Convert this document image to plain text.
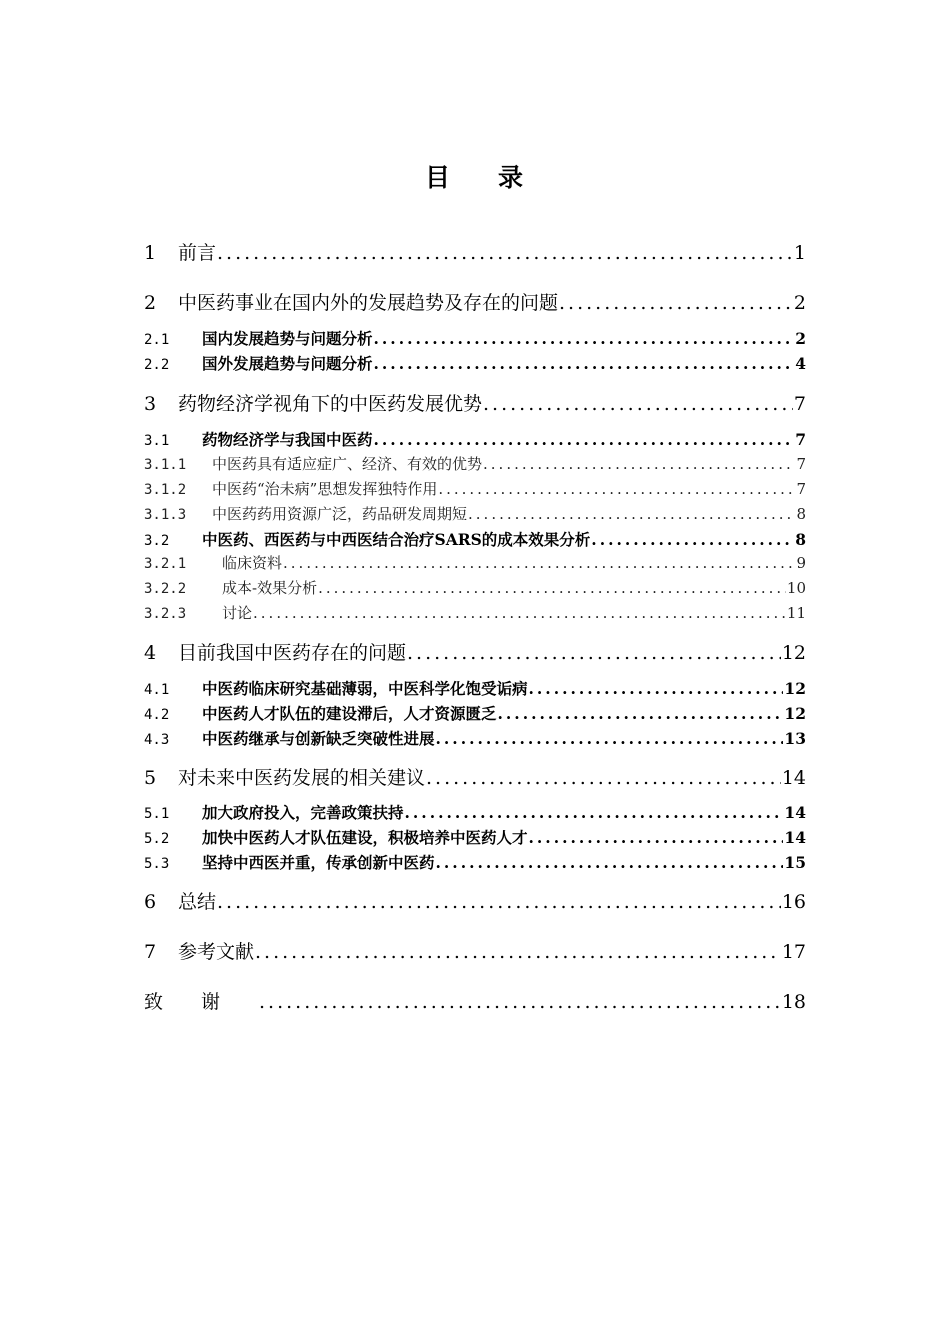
目 录
1	前言 .....	1
2	中医药事业在国内外的发展趋势及存在的问题 .....	2
2.1	国内发展趋势与问题分析 .....	2
2.2	国外发展趋势与问题分析 .....	4
3	药物经济学视角下的中医药发展优势 .....	7
3.1	药物经济学与我国中医药 .....	7
3.1.1	中医药具有适应症广、经济、有效的优势 .....	7
3.1.2	中医药“治未病”思想发挥独特作用 .....	7
3.1.3	中医药药用资源广泛，药品研发周期短 .....	8
3.2	中医药、西医药与中西医结合治疗SARS的成本效果分析 .....	8
3.2.1	临床资料 .....	9
3.2.2	成本-效果分析 .....	10
3.2.3	讨论 .....	11
4	目前我国中医药存在的问题 .....	12
4.1	中医药临床研究基础薄弱，中医科学化饱受诟病 .....	12
4.2	中医药人才队伍的建设滞后，人才资源匮乏 .....	12
4.3	中医药继承与创新缺乏突破性进展 .....	13
5	对未来中医药发展的相关建议 .....	14
5.1	加大政府投入，完善政策扶持 .....	14
5.2	加快中医药人才队伍建设，积极培养中医药人才 .....	14
5.3	坚持中西医并重，传承创新中医药 .....	15
6	总结 .....	16
7	参考文献 .....	17
致谢 .....	18
